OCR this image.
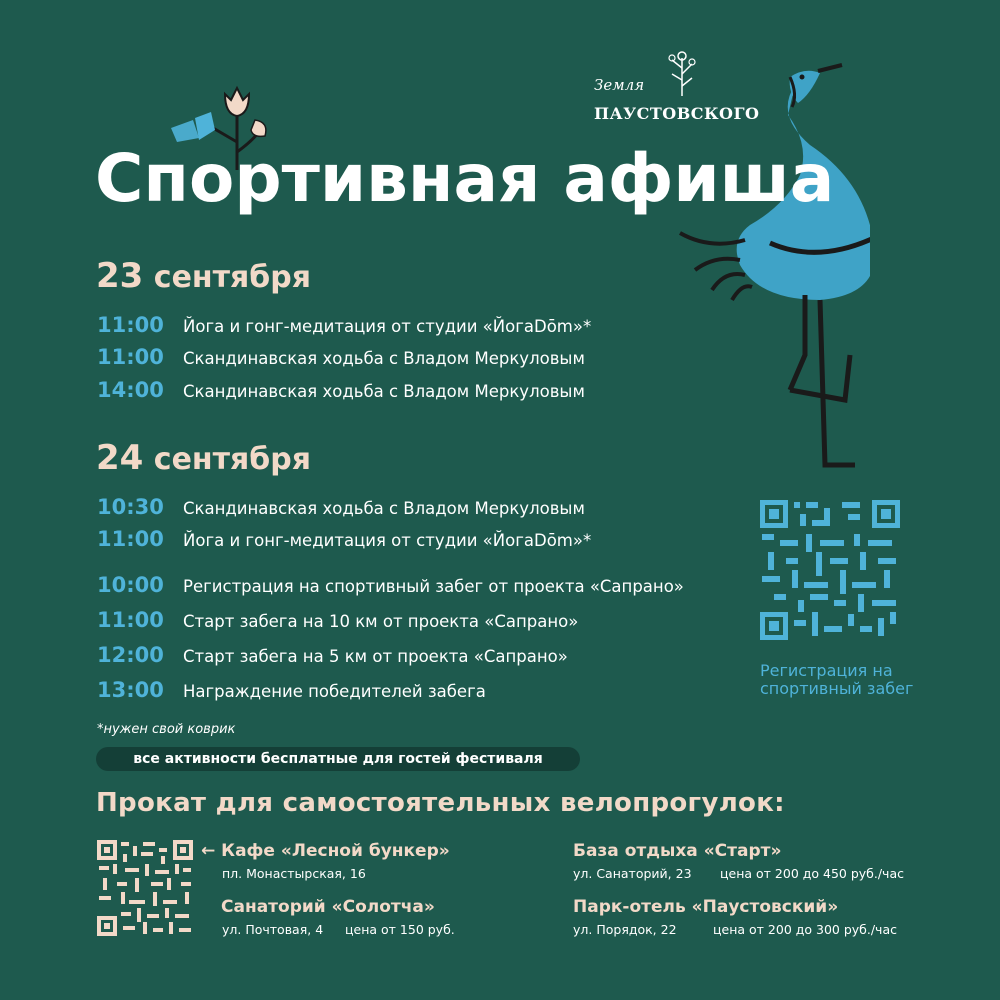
Земля
ПАУСТОВСКОГО
Спортивная афиша
23 сентября
11:00 Йога и гонг-медитация от студии «ЙогаDōm»*
11:00 Скандинавская ходьба с Владом Меркуловым
14:00 Скандинавская ходьба с Владом Меркуловым
24 сентября
10:30 Скандинавская ходьба с Владом Меркуловым
11:00 Йога и гонг-медитация от студии «ЙогаDōm»*
10:00 Регистрация на спортивный забег от проекта «Сапрано»
11:00 Старт забега на 10 км от проекта «Сапрано»
12:00 Старт забега на 5 км от проекта «Сапрано»
13:00 Награждение победителей забега
Регистрация на спортивный забег
*нужен свой коврик
все активности бесплатные для гостей фестиваля
Прокат для самостоятельных велопрогулок:
← Кафе «Лесной бункер»
пл. Монастырская, 16
Санаторий «Солотча»
ул. Почтовая, 4 цена от 150 руб.
База отдыха «Старт»
ул. Санаторий, 23 цена от 200 до 450 руб./час
Парк-отель «Паустовский»
ул. Порядок, 22	цена от 200 до 300 руб./час
